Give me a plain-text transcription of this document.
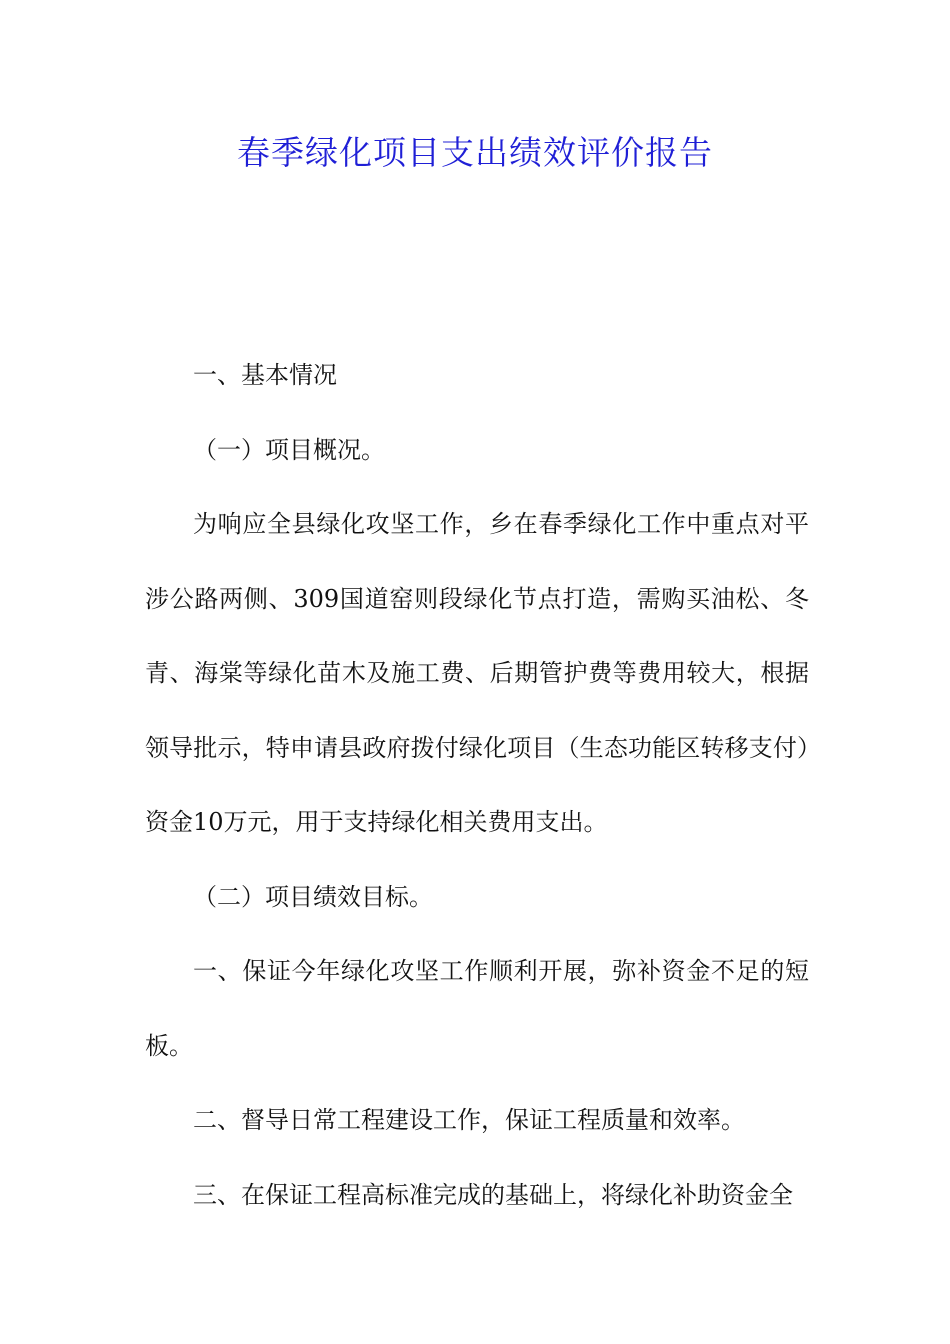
春季绿化项目支出绩效评价报告

一、基本情况

（一）项目概况。

为响应全县绿化攻坚工作，乡在春季绿化工作中重点对平涉公路两侧、309国道窑则段绿化节点打造，需购买油松、冬青、海棠等绿化苗木及施工费、后期管护费等费用较大，根据领导批示，特申请县政府拨付绿化项目（生态功能区转移支付）资金10万元，用于支持绿化相关费用支出。

（二）项目绩效目标。

一、保证今年绿化攻坚工作顺利开展，弥补资金不足的短板。

二、督导日常工程建设工作，保证工程质量和效率。

三、在保证工程高标准完成的基础上，将绿化补助资金全
